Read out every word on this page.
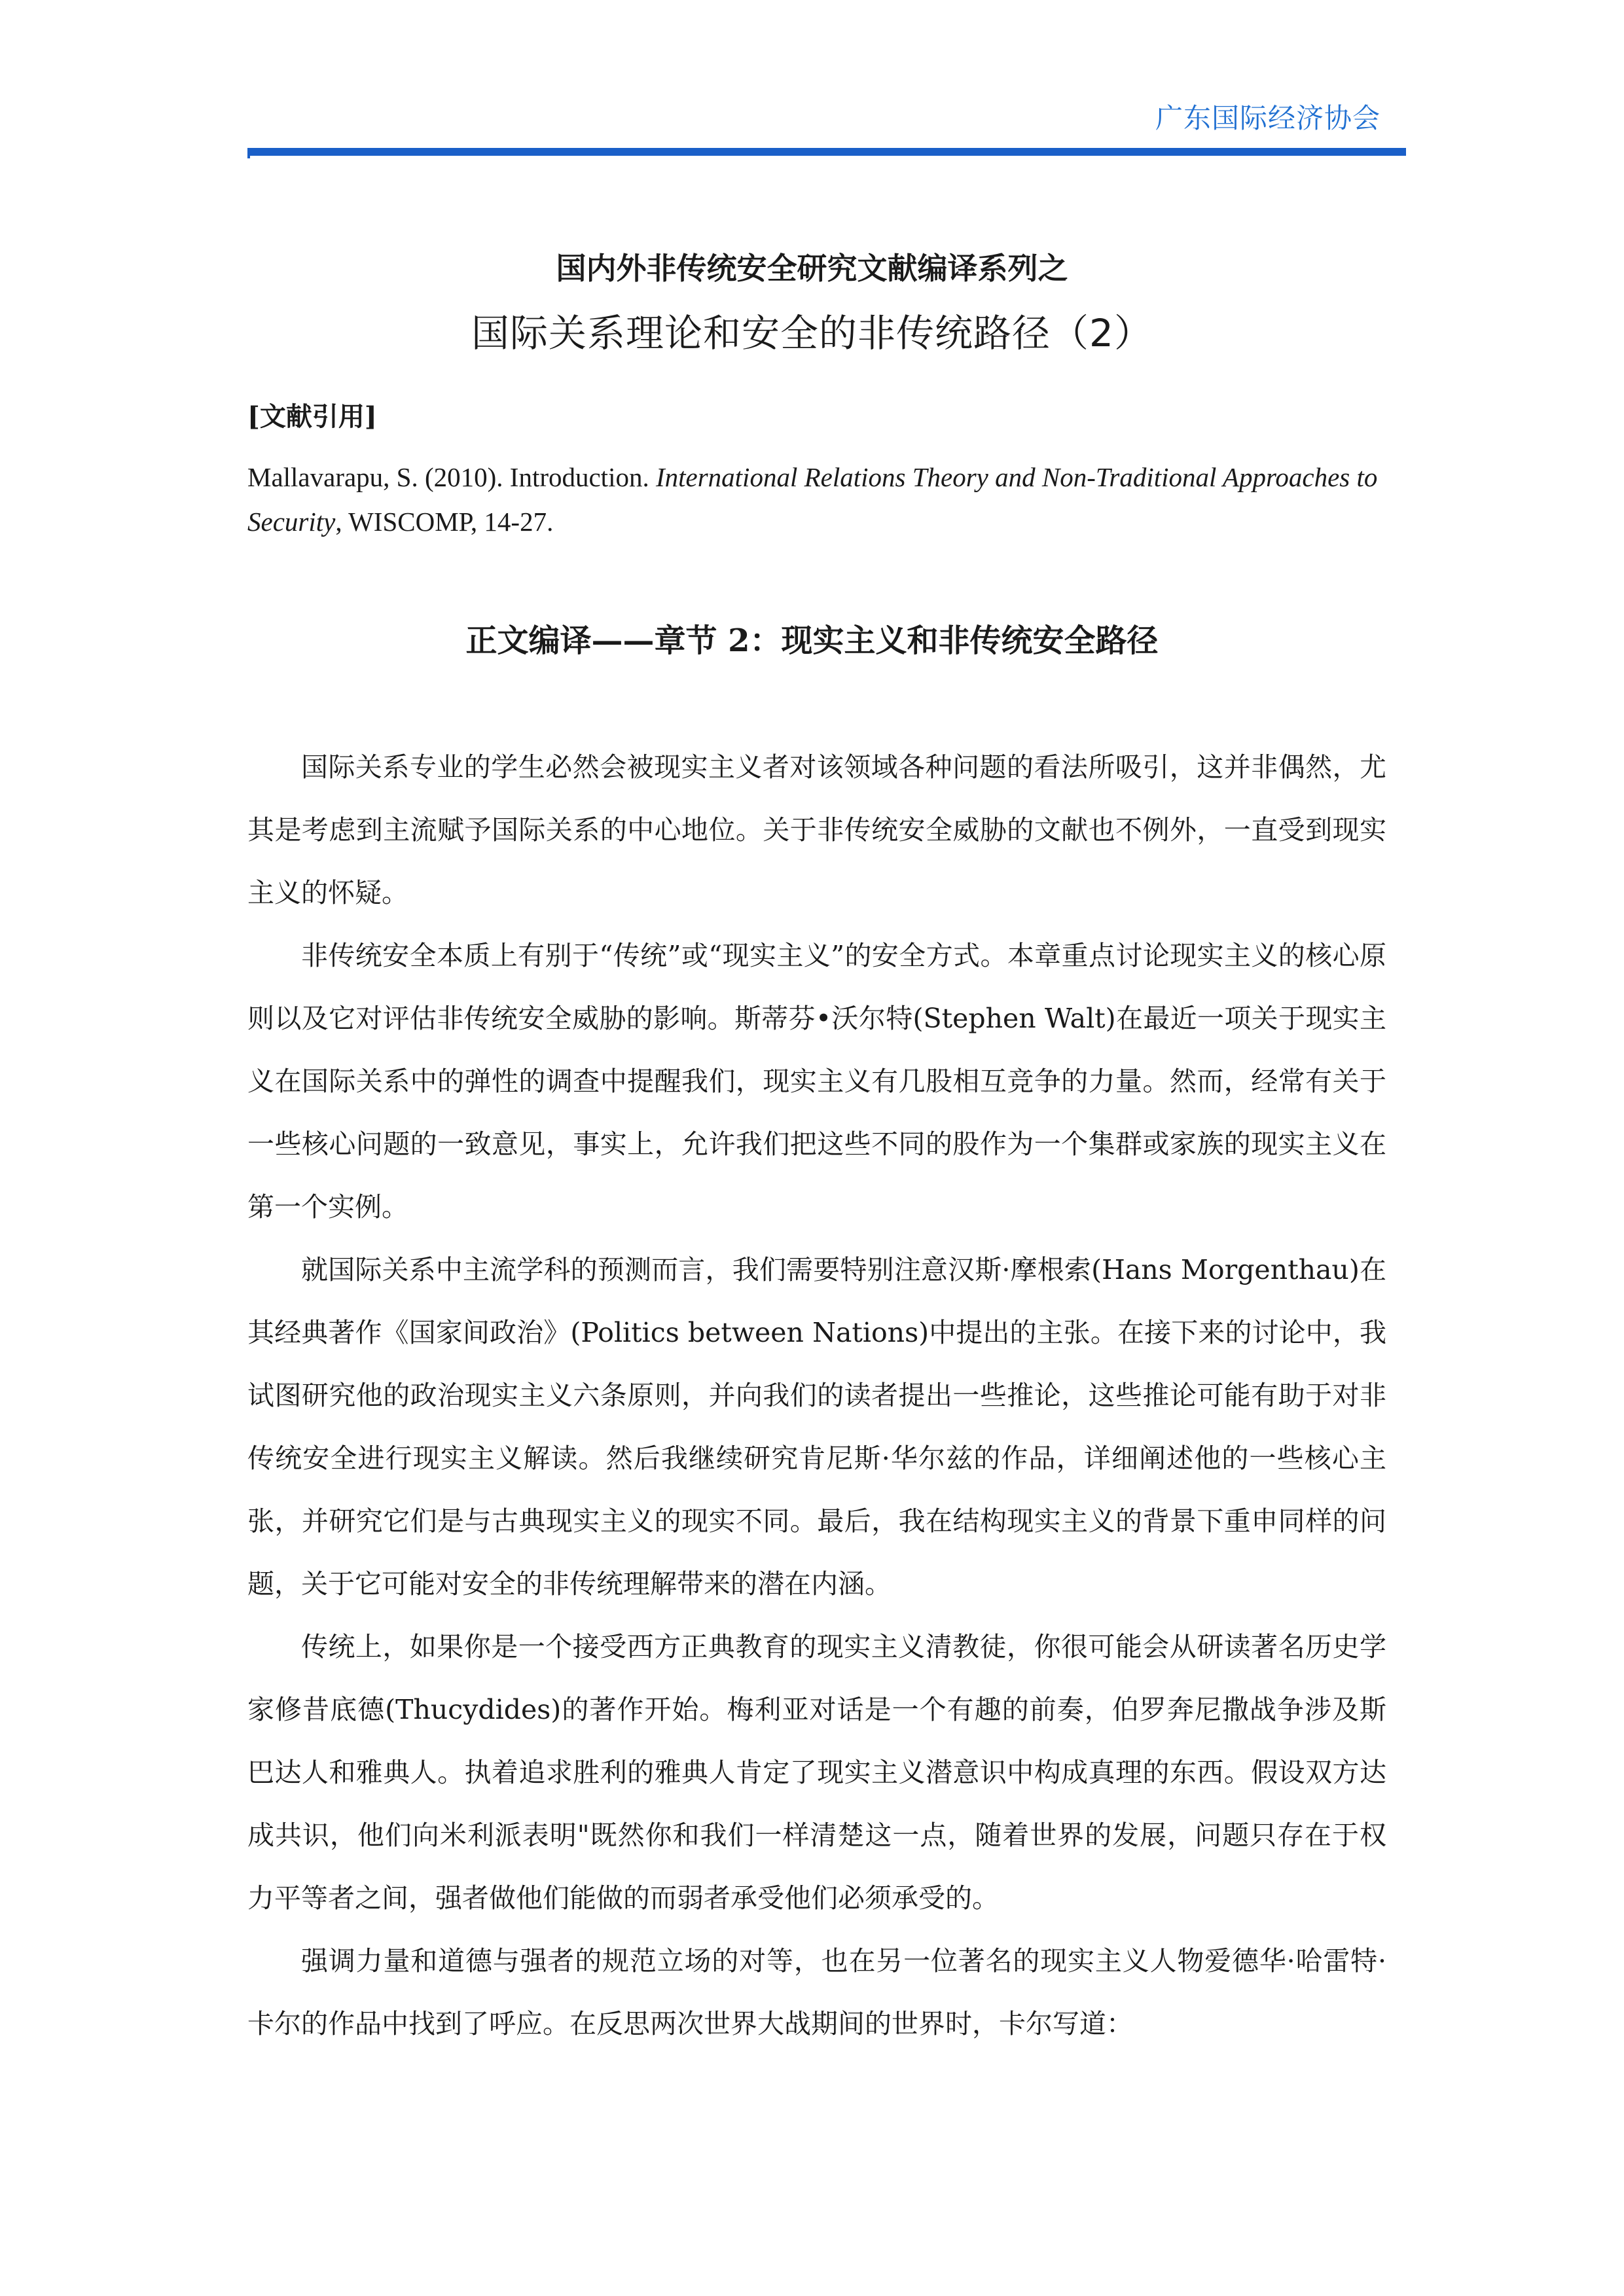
广东国际经济协会
国内外非传统安全研究文献编译系列之
国际关系理论和安全的非传统路径（2）
[文献引用]
Mallavarapu, S. (2010). Introduction. International Relations Theory and Non-Traditional Approaches to Security, WISCOMP, 14-27.
正文编译——章节 2：现实主义和非传统安全路径

国际关系专业的学生必然会被现实主义者对该领域各种问题的看法所吸引，这并非偶然，尤其是考虑到主流赋予国际关系的中心地位。关于非传统安全威胁的文献也不例外，一直受到现实主义的怀疑。

非传统安全本质上有别于“传统”或“现实主义”的安全方式。本章重点讨论现实主义的核心原则以及它对评估非传统安全威胁的影响。斯蒂芬•沃尔特(Stephen Walt)在最近一项关于现实主义在国际关系中的弹性的调查中提醒我们，现实主义有几股相互竞争的力量。然而，经常有关于一些核心问题的一致意见，事实上，允许我们把这些不同的股作为一个集群或家族的现实主义在第一个实例。

就国际关系中主流学科的预测而言，我们需要特别注意汉斯·摩根索(Hans Morgenthau)在其经典著作《国家间政治》(Politics between Nations)中提出的主张。在接下来的讨论中，我试图研究他的政治现实主义六条原则，并向我们的读者提出一些推论，这些推论可能有助于对非传统安全进行现实主义解读。然后我继续研究肯尼斯·华尔兹的作品，详细阐述他的一些核心主张，并研究它们是与古典现实主义的现实不同。最后，我在结构现实主义的背景下重申同样的问题，关于它可能对安全的非传统理解带来的潜在内涵。

传统上，如果你是一个接受西方正典教育的现实主义清教徒，你很可能会从研读著名历史学家修昔底德(Thucydides)的著作开始。梅利亚对话是一个有趣的前奏，伯罗奔尼撒战争涉及斯巴达人和雅典人。执着追求胜利的雅典人肯定了现实主义潜意识中构成真理的东西。假设双方达成共识，他们向米利派表明"既然你和我们一样清楚这一点，随着世界的发展，问题只存在于权力平等者之间，强者做他们能做的而弱者承受他们必须承受的。

强调力量和道德与强者的规范立场的对等，也在另一位著名的现实主义人物爱德华·哈雷特·卡尔的作品中找到了呼应。在反思两次世界大战期间的世界时，卡尔写道：
